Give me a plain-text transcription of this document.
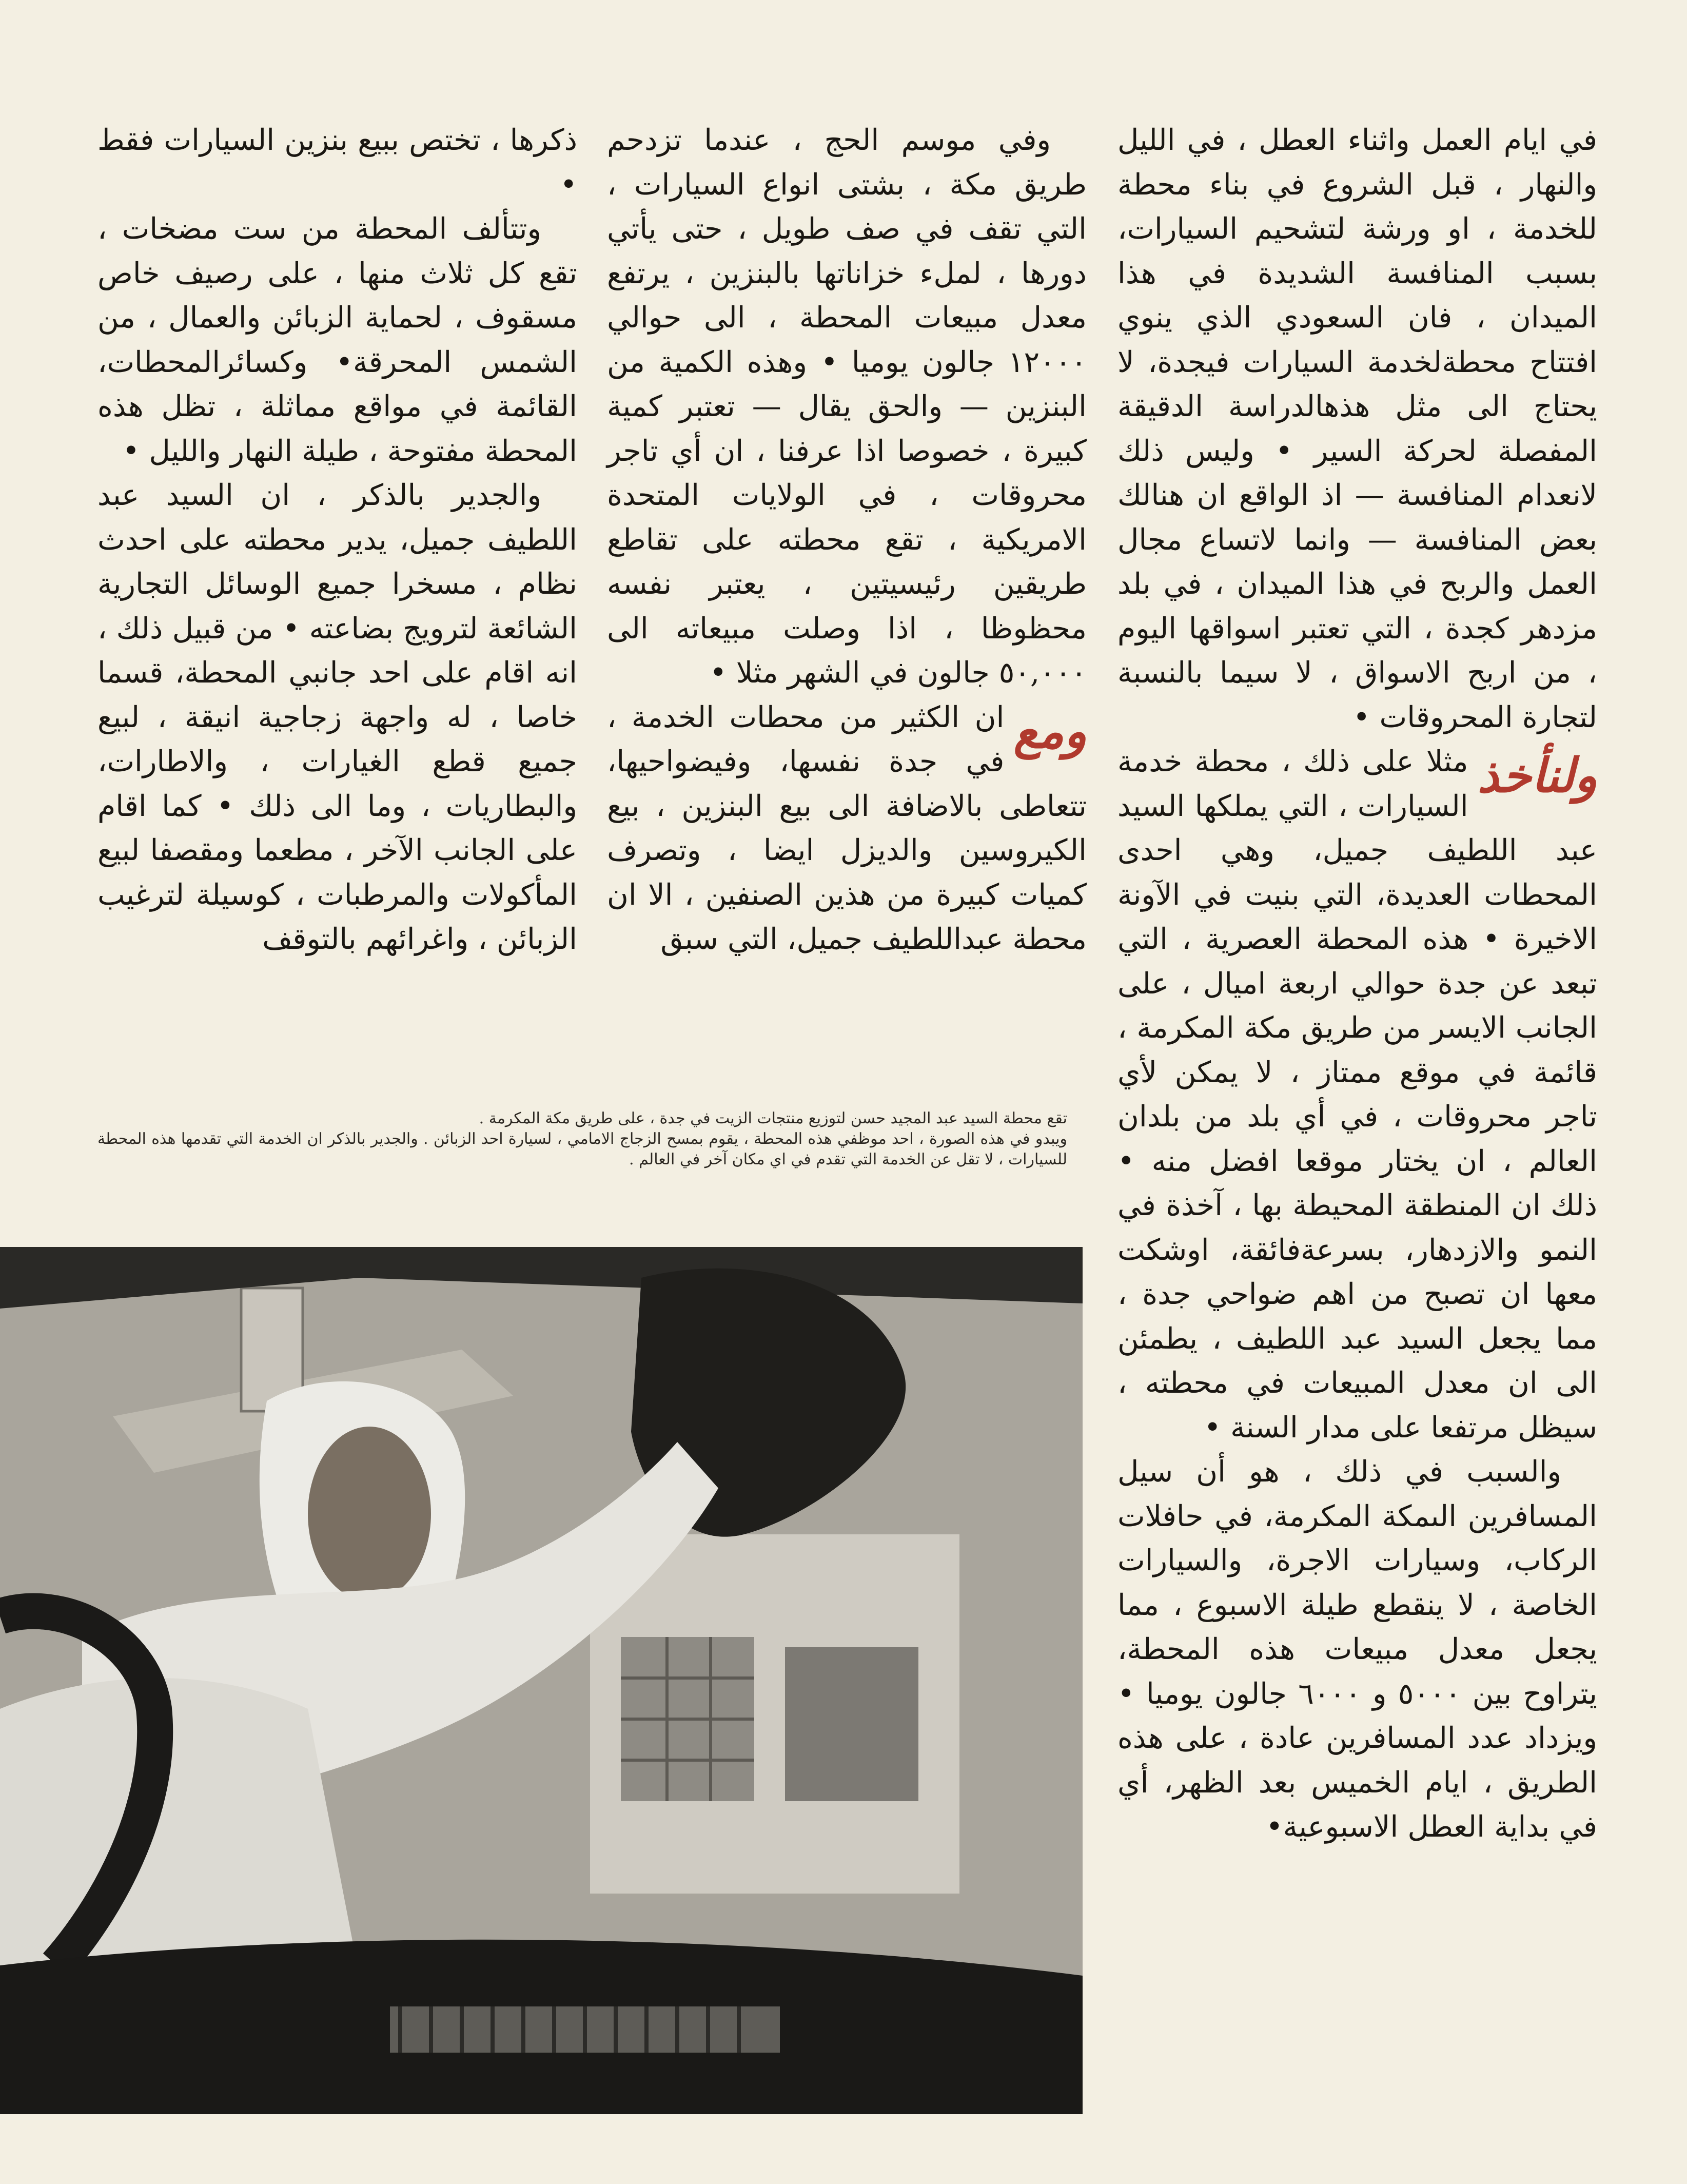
في ايام العمل واثناء العطل ، في الليل والنهار ، قبل الشروع في بناء محطة للخدمة ، او ورشة لتشحيم السيارات، بسبب المنافسة الشديدة في هذا الميدان ، فان السعودي الذي ينوي افتتاح محطةلخدمة السيارات فيجدة، لا يحتاج الى مثل هذهالدراسة الدقيقة المفصلة لحركة السير • وليس ذلك لانعدام المنافسة — اذ الواقع ان هنالك بعض المنافسة — وانما لاتساع مجال العمل والربح في هذا الميدان ، في بلد مزدهر كجدة ، التي تعتبر اسواقها اليوم ، من اربح الاسواق ، لا سيما بالنسبة لتجارة المحروقات •

ولنأخذ
مثلا على ذلك ، محطة خدمة السيارات ، التي يملكها السيد عبد اللطيف جميل، وهي احدى المحطات العديدة، التي بنيت في الآونة الاخيرة • هذه المحطة العصرية ، التي تبعد عن جدة حوالي اربعة اميال ، على الجانب الايسر من طريق مكة المكرمة ، قائمة في موقع ممتاز ، لا يمكن لأي تاجر محروقات ، في أي بلد من بلدان العالم ، ان يختار موقعا افضل منه • ذلك ان المنطقة المحيطة بها ، آخذة في النمو والازدهار، بسرعةفائقة، اوشكت معها ان تصبح من اهم ضواحي جدة ، مما يجعل السيد عبد اللطيف ، يطمئن الى ان معدل المبيعات في محطته ، سيظل مرتفعا على مدار السنة •

والسبب في ذلك ، هو أن سيل المسافرين الىمكة المكرمة، في حافلات الركاب، وسيارات الاجرة، والسيارات الخاصة ، لا ينقطع طيلة الاسبوع ، مما يجعل معدل مبيعات هذه المحطة، يتراوح بين ٥٠٠٠ و ٦٠٠٠ جالون يوميا • ويزداد عدد المسافرين عادة ، على هذه الطريق ، ايام الخميس بعد الظهر، أي في بداية العطل الاسبوعية•

وفي موسم الحج ، عندما تزدحم طريق مكة ، بشتى انواع السيارات ، التي تقف في صف طويل ، حتى يأتي دورها ، لملء خزاناتها بالبنزين ، يرتفع معدل مبيعات المحطة ، الى حوالي ١٢٠٠٠ جالون يوميا • وهذه الكمية من البنزين — والحق يقال — تعتبر كمية كبيرة ، خصوصا اذا عرفنا ، ان أي تاجر محروقات ، في الولايات المتحدة الامريكية ، تقع محطته على تقاطع طريقين رئيسيتين ، يعتبر نفسه محظوظا ، اذا وصلت مبيعاته الى ٥٠,٠٠٠ جالون في الشهر مثلا •

ومع
ان الكثير من محطات الخدمة ، في جدة نفسها، وفيضواحيها، تتعاطى بالاضافة الى بيع البنزين ، بيع الكيروسين والديزل ايضا ، وتصرف كميات كبيرة من هذين الصنفين ، الا ان محطة عبداللطيف جميل، التي سبق

ذكرها ، تختص ببيع بنزين السيارات فقط •

وتتألف المحطة من ست مضخات ، تقع كل ثلاث منها ، على رصيف خاص مسقوف ، لحماية الزبائن والعمال ، من الشمس المحرقة• وكسائرالمحطات، القائمة في مواقع مماثلة ، تظل هذه المحطة مفتوحة ، طيلة النهار والليل •

والجدير بالذكر ، ان السيد عبد اللطيف جميل، يدير محطته على احدث نظام ، مسخرا جميع الوسائل التجارية الشائعة لترويج بضاعته • من قبيل ذلك ، انه اقام على احد جانبي المحطة، قسما خاصا ، له واجهة زجاجية انيقة ، لبيع جميع قطع الغيارات ، والاطارات، والبطاريات ، وما الى ذلك • كما اقام على الجانب الآخر ، مطعما ومقصفا لبيع المأكولات والمرطبات ، كوسيلة لترغيب الزبائن ، واغرائهم بالتوقف

تقع محطة السيد عبد المجيد حسن لتوزيع منتجات الزيت في جدة ، على طريق مكة المكرمة .

ويبدو في هذه الصورة ، احد موظفي هذه المحطة ، يقوم بمسح الزجاج الامامي ، لسيارة احد الزبائن . والجدير بالذكر ان الخدمة التي تقدمها هذه المحطة للسيارات ، لا تقل عن الخدمة التي تقدم في اي مكان آخر في العالم .
